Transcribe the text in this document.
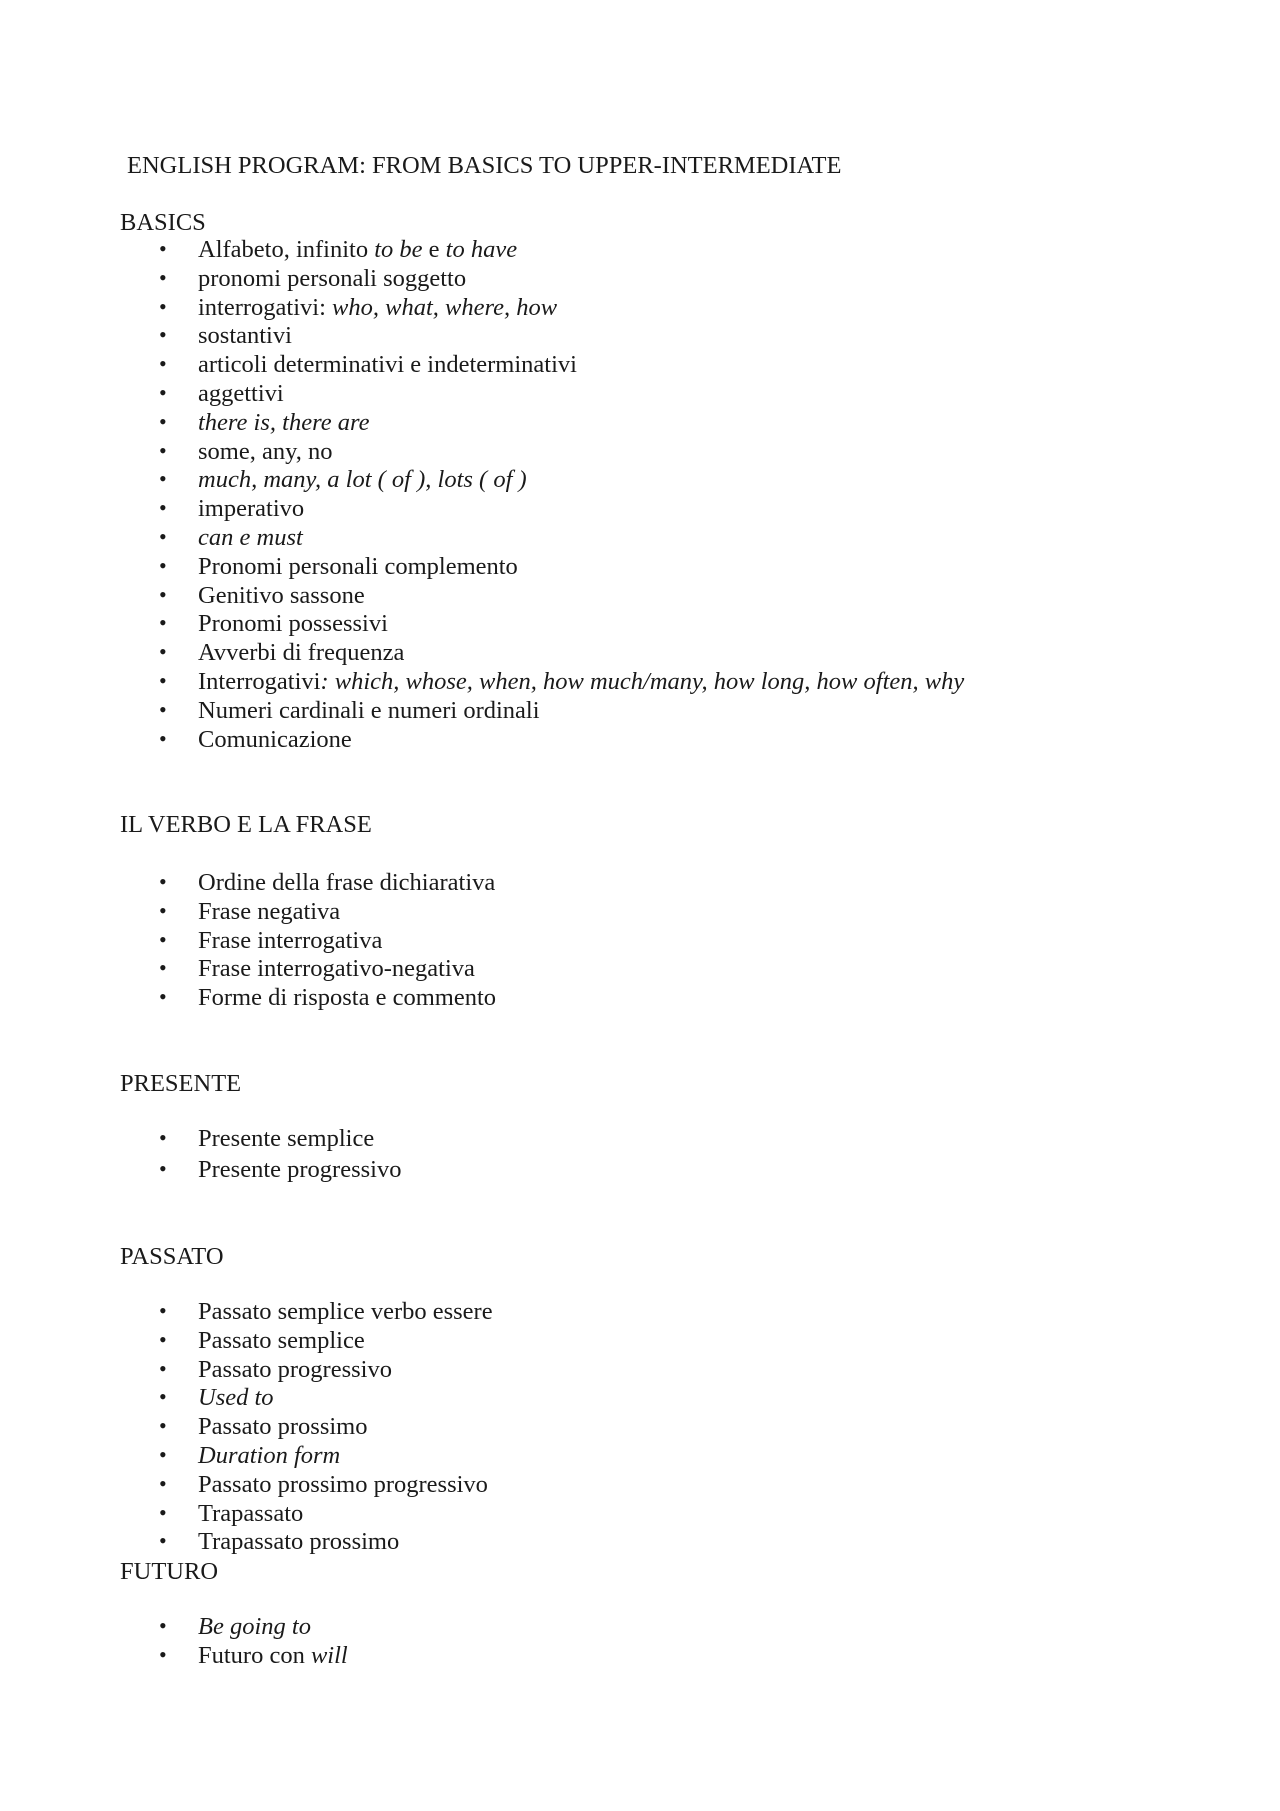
ENGLISH PROGRAM: FROM BASICS TO UPPER-INTERMEDIATE
BASICS
• Alfabeto, infinito to be e to have
• pronomi personali soggetto
• interrogativi: who, what, where, how
• sostantivi
• articoli determinativi e indeterminativi
• aggettivi
• there is, there are
• some, any, no
• much, many, a lot ( of ), lots ( of )
• imperativo
• can e must
• Pronomi personali complemento
• Genitivo sassone
• Pronomi possessivi
• Avverbi di frequenza
• Interrogativi: which, whose, when, how much/many, how long, how often, why
• Numeri cardinali e numeri ordinali
• Comunicazione
IL VERBO E LA FRASE
• Ordine della frase dichiarativa
• Frase negativa
• Frase interrogativa
• Frase interrogativo-negativa
• Forme di risposta e commento
PRESENTE
• Presente semplice
• Presente progressivo
PASSATO
• Passato semplice verbo essere
• Passato semplice
• Passato progressivo
• Used to
• Passato prossimo
• Duration form
• Passato prossimo progressivo
• Trapassato
• Trapassato prossimo
FUTURO
• Be going to
• Futuro con will
